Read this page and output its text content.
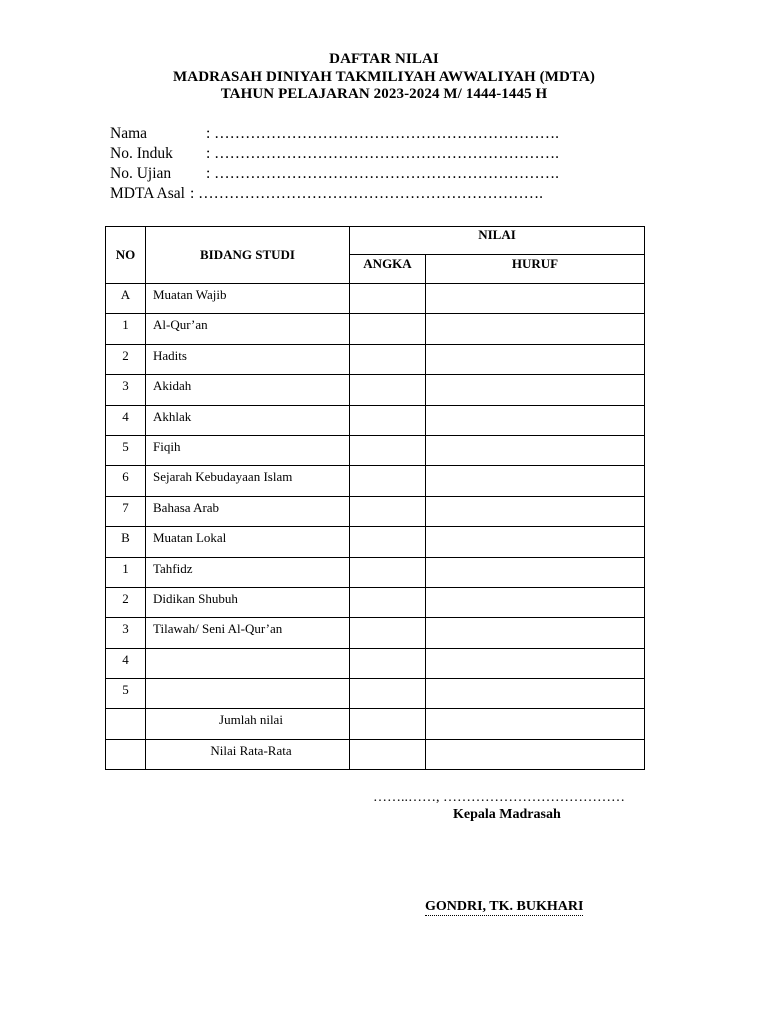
DAFTAR NILAI
MADRASAH DINIYAH TAKMILIYAH AWWALIYAH (MDTA)
TAHUN PELAJARAN 2023-2024 M/ 1444-1445 H
Nama	: ………………………………………………………….
No. Induk : ………………………………………………………….
No. Ujian : ………………………………………………………….
MDTA Asal : ………………………………………………………….
NO	BIDANG STUDI	NILAI	

		ANGKA	HURUF

A	Muatan Wajib		

1	Al-Qur’an		

2	Hadits		

3	Akidah		

4	Akhlak		

5	Fiqih		

6	Sejarah Kebudayaan Islam		

7	Bahasa Arab		

B	Muatan Lokal		

1	Tahfidz		

2	Didikan Shubuh		

3	Tilawah/ Seni Al-Qur’an		

4			

5			

	Jumlah nilai		

	Nilai Rata-Rata		

……..……, …………………………………
Kepala Madrasah
GONDRI, TK. BUKHARI
